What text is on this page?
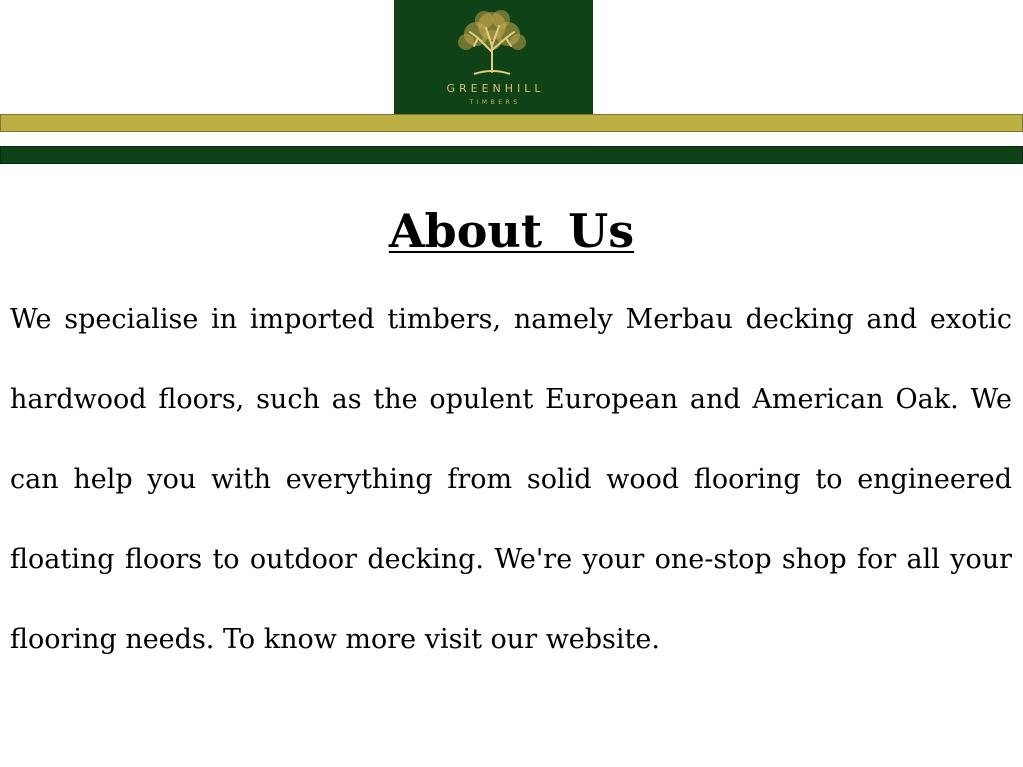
GREENHILL
TIMBERS
About Us

We specialise in imported timbers, namely Merbau decking and exotic hardwood floors, such as the opulent European and American Oak. We can help you with everything from solid wood flooring to engineered floating floors to outdoor decking. We're your one-stop shop for all your flooring needs. To know more visit our website.
